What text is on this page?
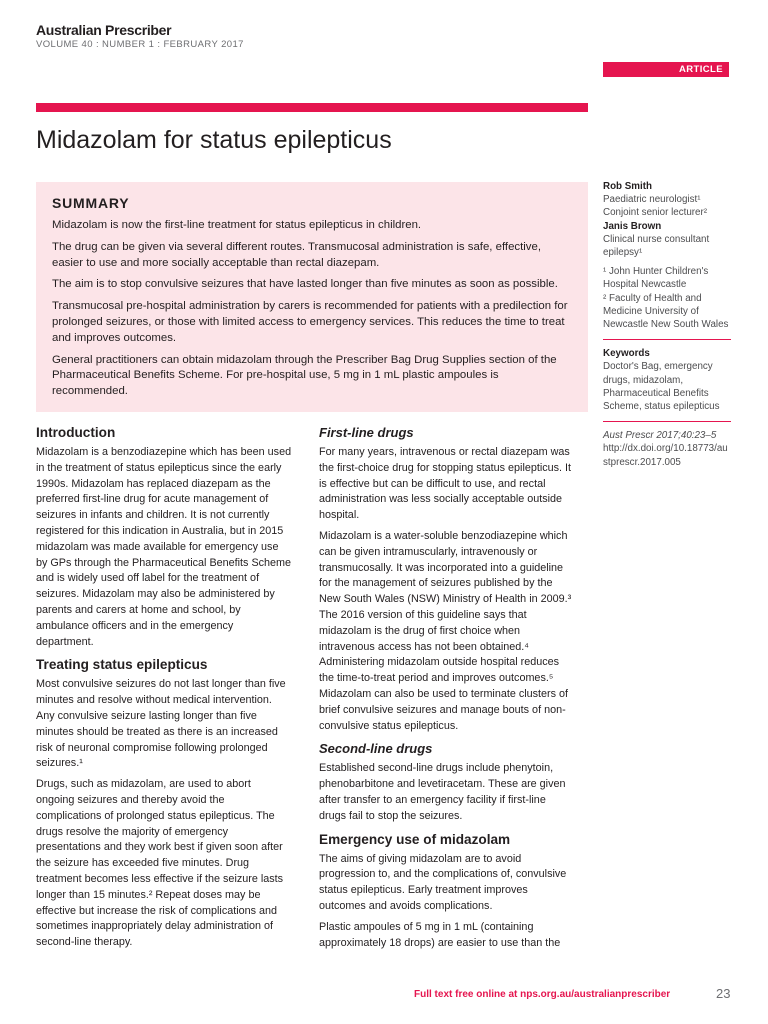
Australian Prescriber
VOLUME 40 : NUMBER 1 : FEBRUARY 2017
ARTICLE
Midazolam for status epilepticus
SUMMARY

Midazolam is now the first-line treatment for status epilepticus in children.

The drug can be given via several different routes. Transmucosal administration is safe, effective, easier to use and more socially acceptable than rectal diazepam.

The aim is to stop convulsive seizures that have lasted longer than five minutes as soon as possible.

Transmucosal pre-hospital administration by carers is recommended for patients with a predilection for prolonged seizures, or those with limited access to emergency services. This reduces the time to treat and improves outcomes.

General practitioners can obtain midazolam through the Prescriber Bag Drug Supplies section of the Pharmaceutical Benefits Scheme. For pre-hospital use, 5 mg in 1 mL plastic ampoules is recommended.

Rob Smith
Paediatric neurologist¹
Conjoint senior lecturer²
Janis Brown
Clinical nurse consultant epilepsy¹
¹ John Hunter Children's Hospital Newcastle
² Faculty of Health and Medicine University of Newcastle New South Wales
Keywords
Doctor's Bag, emergency drugs, midazolam, Pharmaceutical Benefits Scheme, status epilepticus
Aust Prescr 2017;40:23–5
http://dx.doi.org/10.18773/austprescr.2017.005
Introduction

Midazolam is a benzodiazepine which has been used in the treatment of status epilepticus since the early 1990s. Midazolam has replaced diazepam as the preferred first-line drug for acute management of seizures in infants and children. It is not currently registered for this indication in Australia, but in 2015 midazolam was made available for emergency use by GPs through the Pharmaceutical Benefits Scheme and is widely used off label for the treatment of seizures. Midazolam may also be administered by parents and carers at home and school, by ambulance officers and in the emergency department.

Treating status epilepticus

Most convulsive seizures do not last longer than five minutes and resolve without medical intervention. Any convulsive seizure lasting longer than five minutes should be treated as there is an increased risk of neuronal compromise following prolonged seizures.¹

Drugs, such as midazolam, are used to abort ongoing seizures and thereby avoid the complications of prolonged status epilepticus. The drugs resolve the majority of emergency presentations and they work best if given soon after the seizure has exceeded five minutes. Drug treatment becomes less effective if the seizure lasts longer than 15 minutes.² Repeat doses may be effective but increase the risk of complications and sometimes inappropriately delay administration of second-line therapy.

First-line drugs

For many years, intravenous or rectal diazepam was the first-choice drug for stopping status epilepticus. It is effective but can be difficult to use, and rectal administration was less socially acceptable outside hospital.

Midazolam is a water-soluble benzodiazepine which can be given intramuscularly, intravenously or transmucosally. It was incorporated into a guideline for the management of seizures published by the New South Wales (NSW) Ministry of Health in 2009.³ The 2016 version of this guideline says that midazolam is the drug of first choice when intravenous access has not been obtained.⁴ Administering midazolam outside hospital reduces the time-to-treat period and improves outcomes.⁵ Midazolam can also be used to terminate clusters of brief convulsive seizures and manage bouts of non-convulsive status epilepticus.

Second-line drugs

Established second-line drugs include phenytoin, phenobarbitone and levetiracetam. These are given after transfer to an emergency facility if first-line drugs fail to stop the seizures.

Emergency use of midazolam

The aims of giving midazolam are to avoid progression to, and the complications of, convulsive status epilepticus. Early treatment improves outcomes and avoids complications.

Plastic ampoules of 5 mg in 1 mL (containing approximately 18 drops) are easier to use than the

Full text free online at nps.org.au/australianprescriber	23
